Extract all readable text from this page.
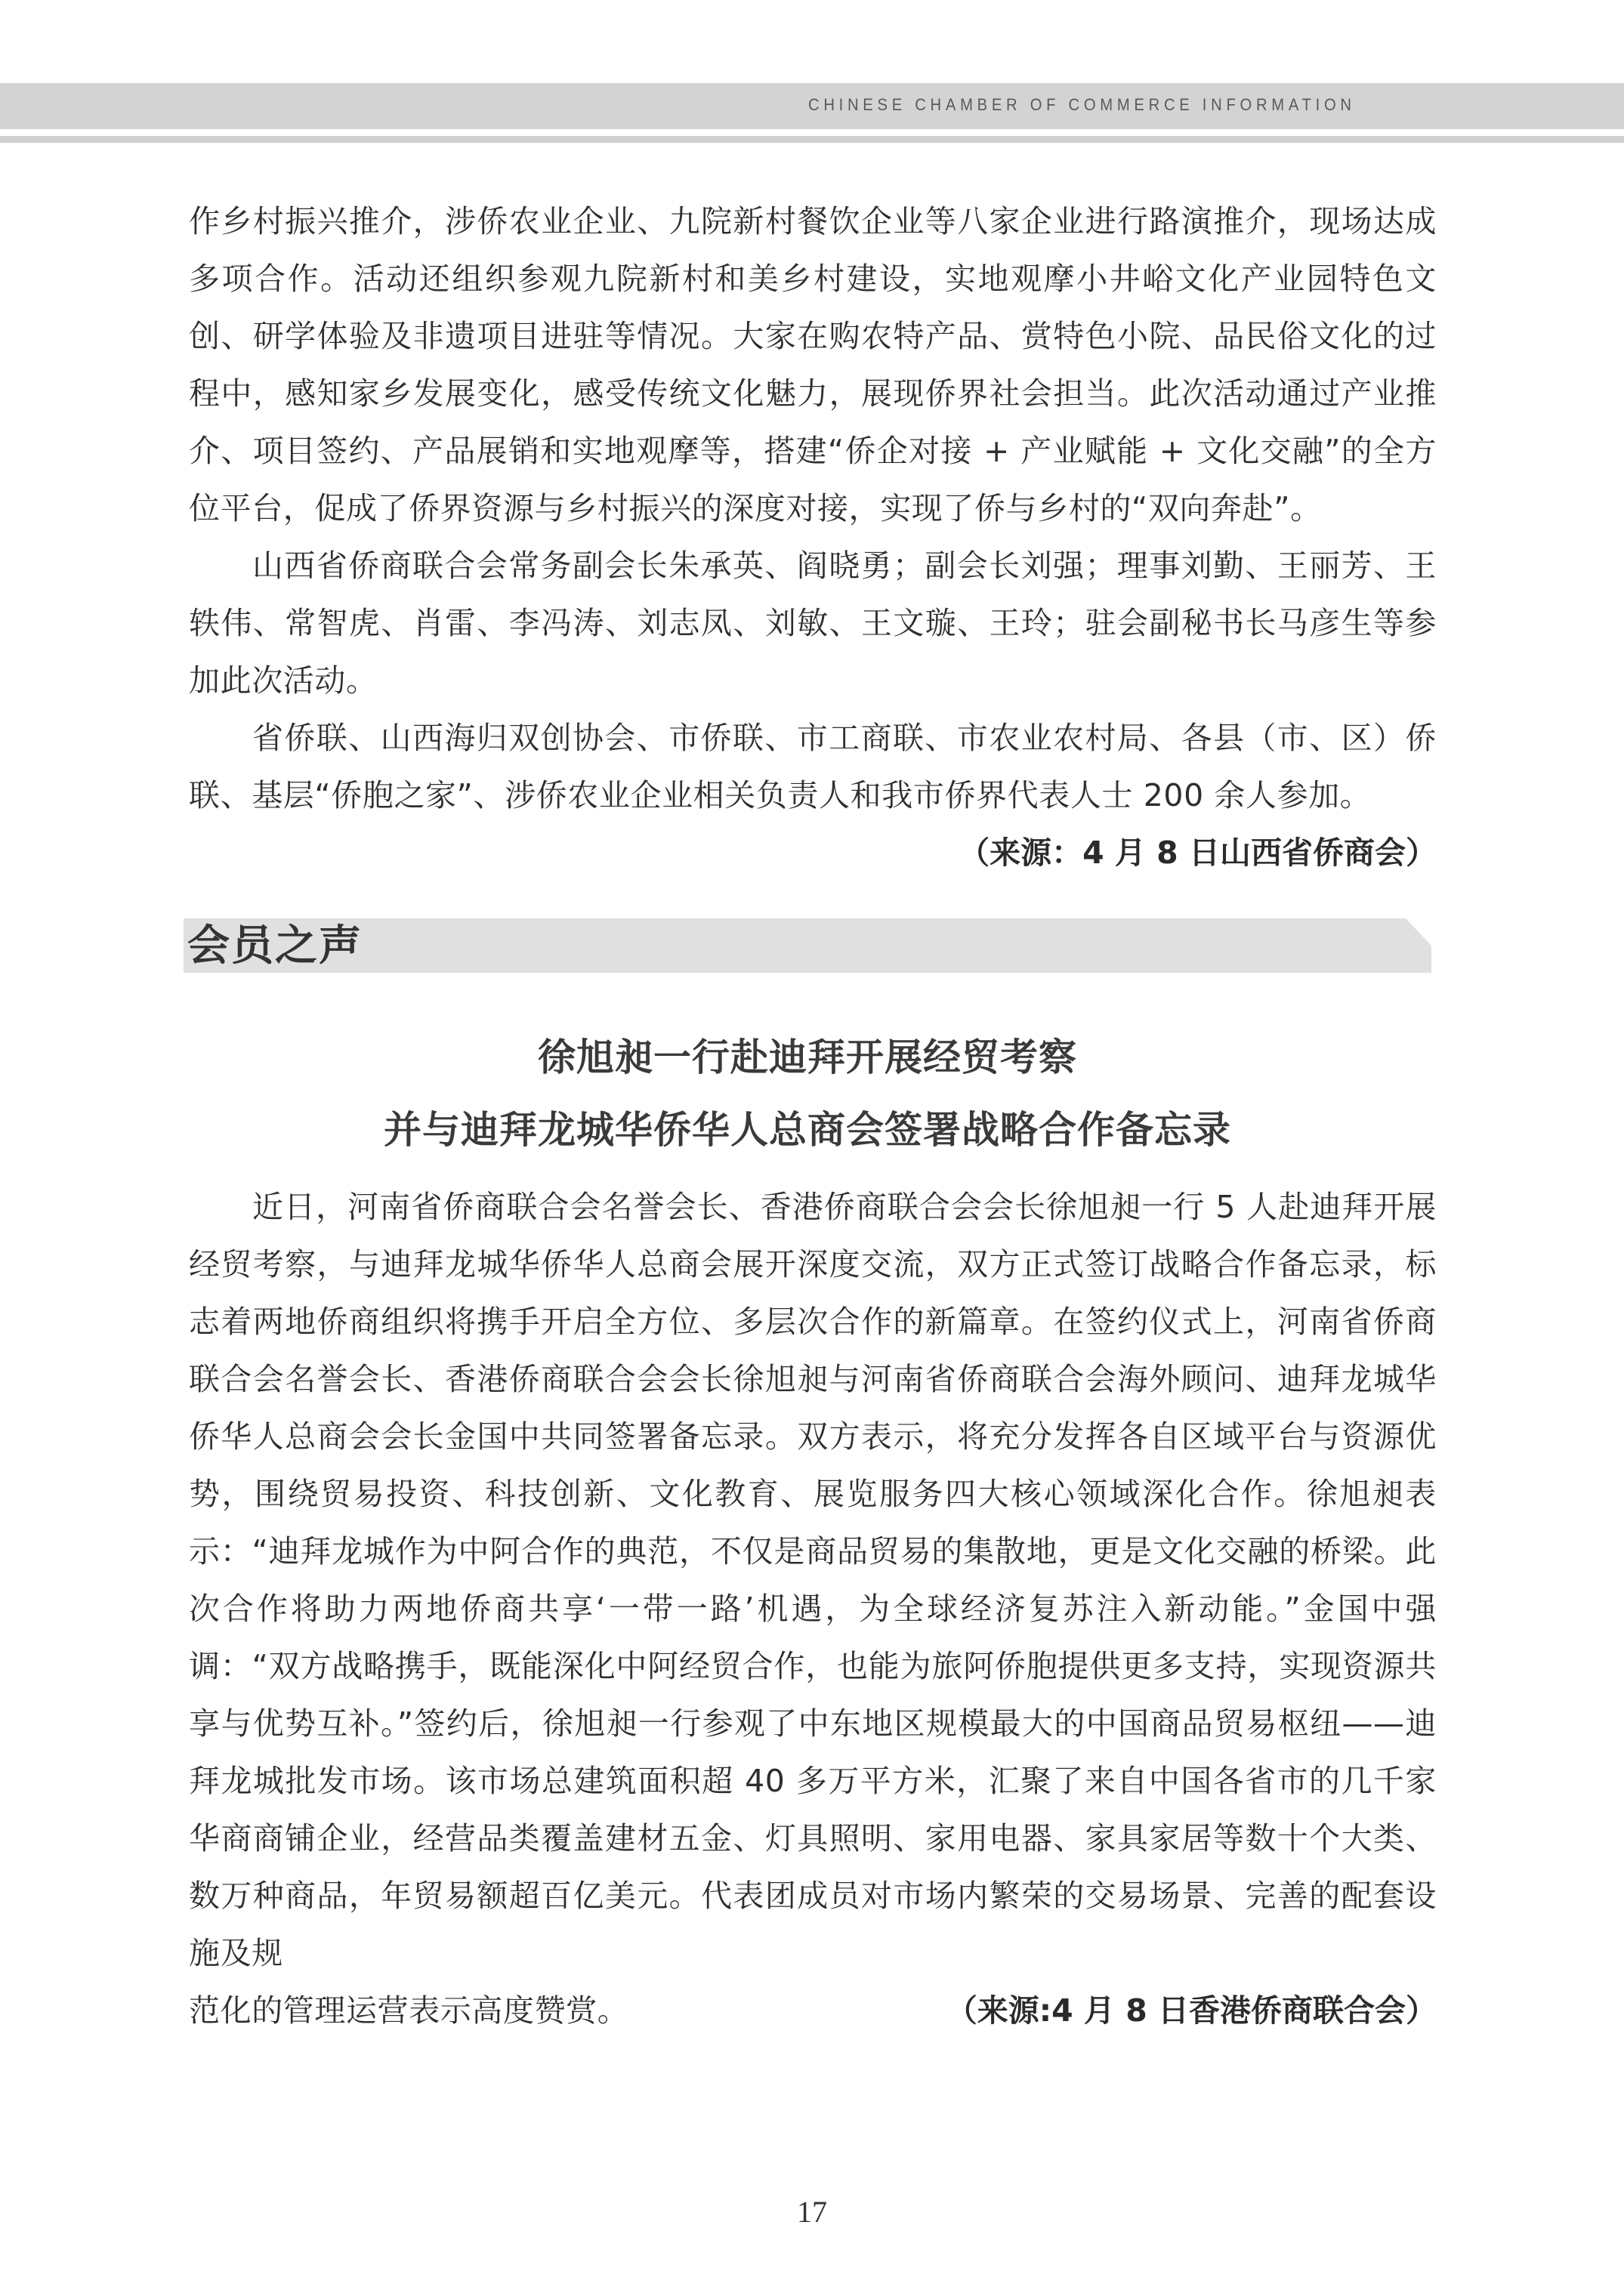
CHINESE CHAMBER OF COMMERCE INFORMATION

作乡村振兴推介，涉侨农业企业、九院新村餐饮企业等八家企业进行路演推介，现场达成多项合作。活动还组织参观九院新村和美乡村建设，实地观摩小井峪文化产业园特色文创、研学体验及非遗项目进驻等情况。大家在购农特产品、赏特色小院、品民俗文化的过程中，感知家乡发展变化，感受传统文化魅力，展现侨界社会担当。此次活动通过产业推介、项目签约、产品展销和实地观摩等，搭建“侨企对接 + 产业赋能 + 文化交融”的全方位平台，促成了侨界资源与乡村振兴的深度对接，实现了侨与乡村的“双向奔赴”。

山西省侨商联合会常务副会长朱承英、阎晓勇；副会长刘强；理事刘勤、王丽芳、王轶伟、常智虎、肖雷、李冯涛、刘志凤、刘敏、王文璇、王玲；驻会副秘书长马彦生等参加此次活动。

省侨联、山西海归双创协会、市侨联、市工商联、市农业农村局、各县（市、区）侨联、基层“侨胞之家”、涉侨农业企业相关负责人和我市侨界代表人士 200 余人参加。

（来源：4 月 8 日山西省侨商会）

会员之声
徐旭昶一行赴迪拜开展经贸考察
并与迪拜龙城华侨华人总商会签署战略合作备忘录

近日，河南省侨商联合会名誉会长、香港侨商联合会会长徐旭昶一行 5 人赴迪拜开展经贸考察，与迪拜龙城华侨华人总商会展开深度交流，双方正式签订战略合作备忘录，标志着两地侨商组织将携手开启全方位、多层次合作的新篇章。在签约仪式上，河南省侨商联合会名誉会长、香港侨商联合会会长徐旭昶与河南省侨商联合会海外顾问、迪拜龙城华侨华人总商会会长金国中共同签署备忘录。双方表示，将充分发挥各自区域平台与资源优势，围绕贸易投资、科技创新、文化教育、展览服务四大核心领域深化合作。徐旭昶表示：“迪拜龙城作为中阿合作的典范，不仅是商品贸易的集散地，更是文化交融的桥梁。此次合作将助力两地侨商共享‘一带一路’机遇，为全球经济复苏注入新动能。”金国中强调：“双方战略携手，既能深化中阿经贸合作，也能为旅阿侨胞提供更多支持，实现资源共享与优势互补。”签约后，徐旭昶一行参观了中东地区规模最大的中国商品贸易枢纽——迪拜龙城批发市场。该市场总建筑面积超 40 多万平方米，汇聚了来自中国各省市的几千家华商商铺企业，经营品类覆盖建材五金、灯具照明、家用电器、家具家居等数十个大类、数万种商品，年贸易额超百亿美元。代表团成员对市场内繁荣的交易场景、完善的配套设施及规

范化的管理运营表示高度赞赏。	（来源:4 月 8 日香港侨商联合会）
17
